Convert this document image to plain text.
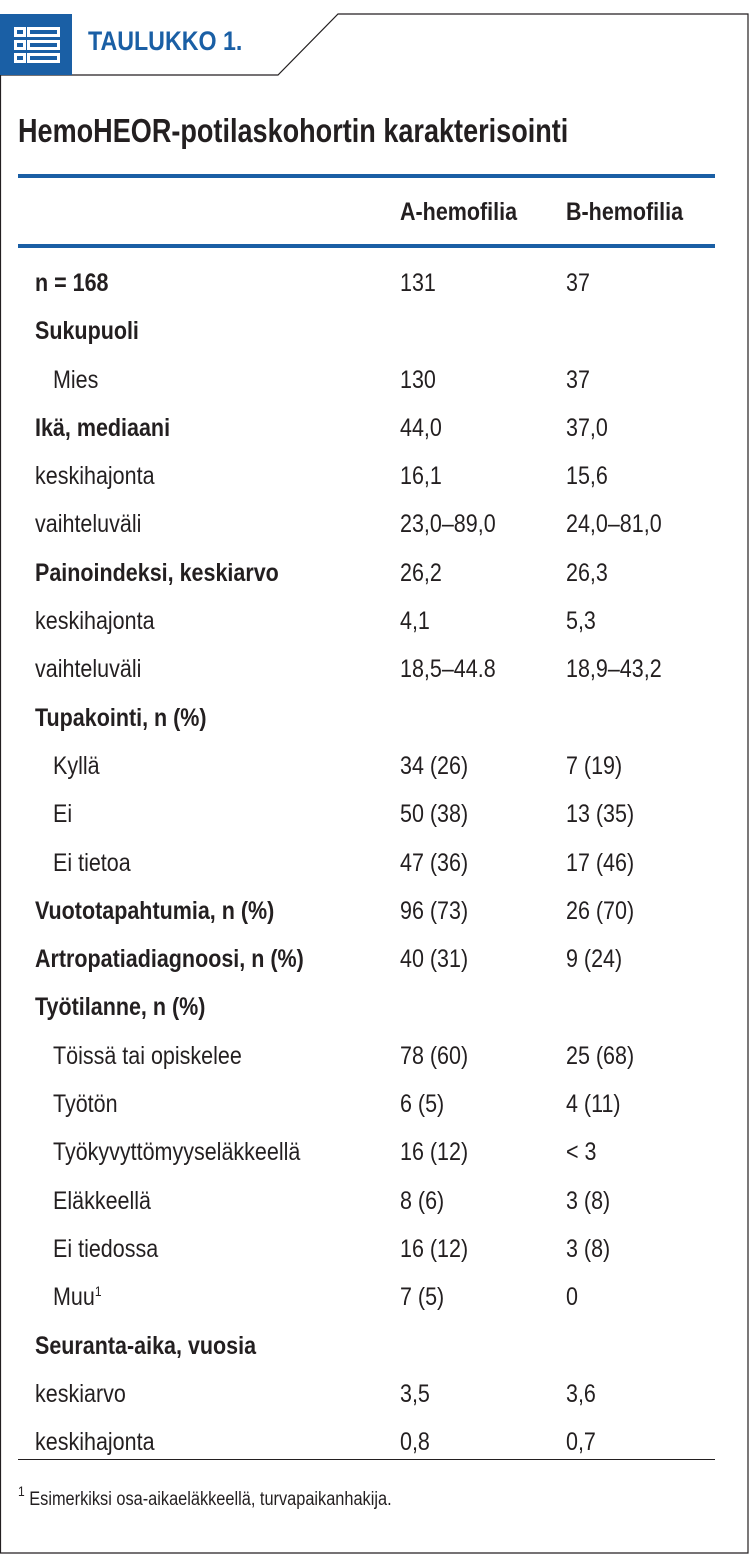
TAULUKKO 1.
HemoHEOR-potilaskohortin karakterisointi
A-hemofilia B-hemofilia
n = 168	131	37
Sukupuoli
Mies	130	37
Ikä, mediaani	44,0	37,0
keskihajonta	16,1	15,6
vaihteluväli	23,0–89,0	24,0–81,0
Painoindeksi, keskiarvo	26,2	26,3
keskihajonta	4,1	5,3
vaihteluväli	18,5–44.8	18,9–43,2
Tupakointi, n (%)
Kyllä	34 (26)	7 (19)
Ei	50 (38)	13 (35)
Ei tietoa	47 (36)	17 (46)
Vuototapahtumia, n (%)	96 (73)	26 (70)
Artropatiadiagnoosi, n (%)	40 (31)	9 (24)
Työtilanne, n (%)
Töissä tai opiskelee	78 (60)	25 (68)
Työtön	6 (5)	4 (11)
Työkyvyttömyyseläkkeellä	16 (12)	< 3
Eläkkeellä	8 (6)	3 (8)
Ei tiedossa	16 (12)	3 (8)
Muu$^1$	7 (5)	0
Seuranta-aika, vuosia
keskiarvo	3,5	3,6
keskihajonta	0,8	0,7
$^1$ Esimerkiksi osa-aikaeläkkeellä, turvapaikanhakija.
